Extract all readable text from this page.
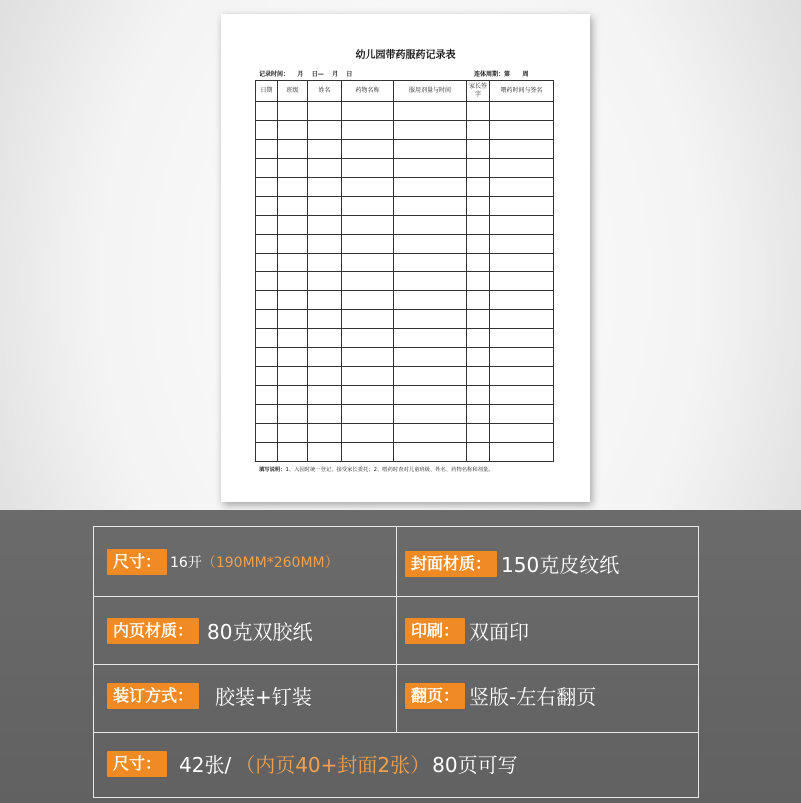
幼儿园带药服药记录表
记录时间：    月    日—    月    日	连体周期：第      周
日期	班级	姓名	药物名称	服用剂量与时间	家长签字	喂药时间与签名

填写说明：1、入园时统一登记、接受家长委托；2、喂药时查对儿童班级、姓名、药物名称和剂量。
尺寸： 16开 （190MM*260MM）	封面材质： 150克皮纹纸
内页材质： 80克双胶纸	印刷： 双面印
装订方式：	胶装+钉装	翻页： 竖版-左右翻页
尺寸： 42张/ （内页40+封面2张） 80页可写
